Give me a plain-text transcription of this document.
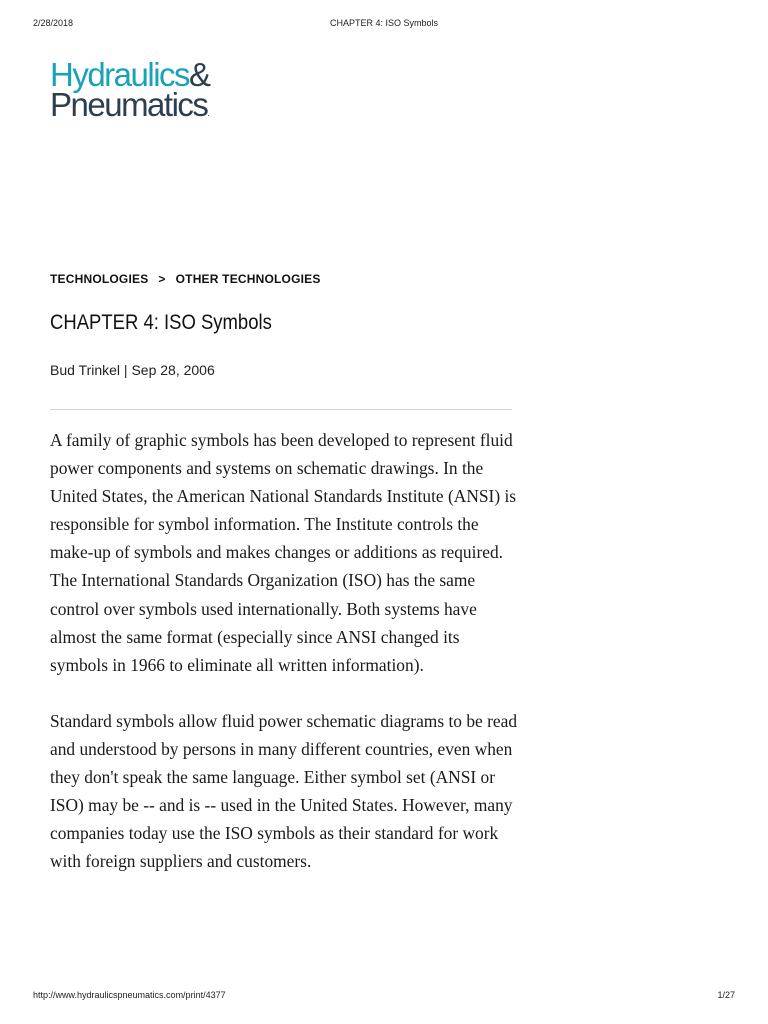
2/28/2018	CHAPTER 4: ISO Symbols
Hydraulics&
Pneumatics.
TECHNOLOGIES > OTHER TECHNOLOGIES
CHAPTER 4: ISO Symbols
Bud Trinkel | Sep 28, 2006

A family of graphic symbols has been developed to represent fluid power components and systems on schematic drawings. In the United States, the American National Standards Institute (ANSI) is responsible for symbol information. The Institute controls the make-up of symbols and makes changes or additions as required. The International Standards Organization (ISO) has the same control over symbols used internationally. Both systems have almost the same format (especially since ANSI changed its symbols in 1966 to eliminate all written information).

Standard symbols allow fluid power schematic diagrams to be read and understood by persons in many different countries, even when they don't speak the same language. Either symbol set (ANSI or ISO) may be -- and is -- used in the United States. However, many companies today use the ISO symbols as their standard for work with foreign suppliers and customers.

http://www.hydraulicspneumatics.com/print/4377	1/27
